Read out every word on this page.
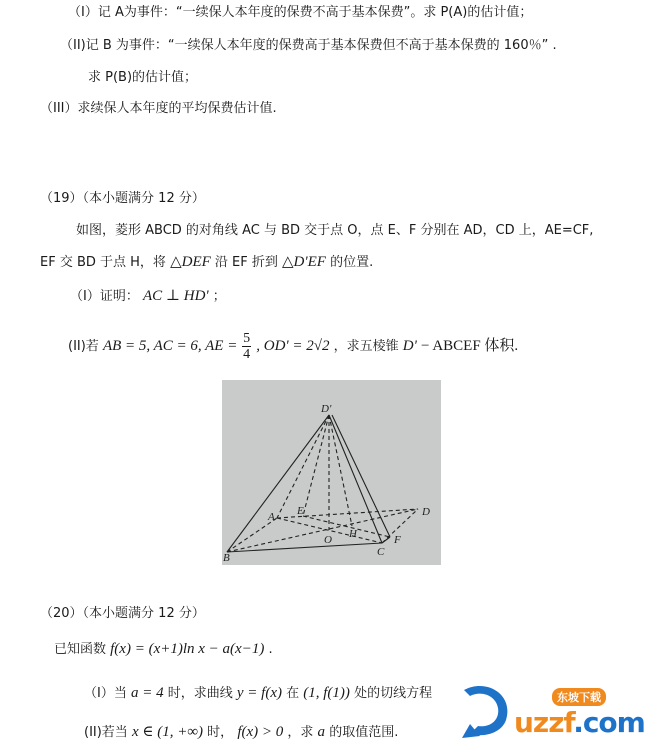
（I）记 A为事件：“一续保人本年度的保费不高于基本保费”。求 P(A)的估计值；
（II)记 B 为事件：“一续保人本年度的保费高于基本保费但不高于基本保费的 160％” .
求 P(B)的估计值；
（III）求续保人本年度的平均保费估计值.
（19）（本小题满分 12 分）
如图，菱形 ABCD 的对角线 AC 与 BD 交于点 O，点 E、F 分别在 AD，CD 上，AE=CF,
EF 交 BD 于点 H，将 △DEF 沿 EF 折到 △D'EF 的位置.
（I）证明： AC ⊥ HD' ；
(II)若 AB = 5, AC = 6, AE = $\frac{5}{4}$ , OD' = 2√2 ，求五棱锥 D' − ABCEF 体积.
D'
A E	D
H
O
B	C
F
（20）（本小题满分 12 分）
已知函数 f(x) = (x+1)ln x − a(x−1) .
（I）当 a = 4 时，求曲线 y = f(x) 在 (1, f(1)) 处的切线方程
(II)若当 x ∈ (1, +∞) 时， f(x) > 0 ，求 a 的取值范围.
东坡下载
uzzf.com
